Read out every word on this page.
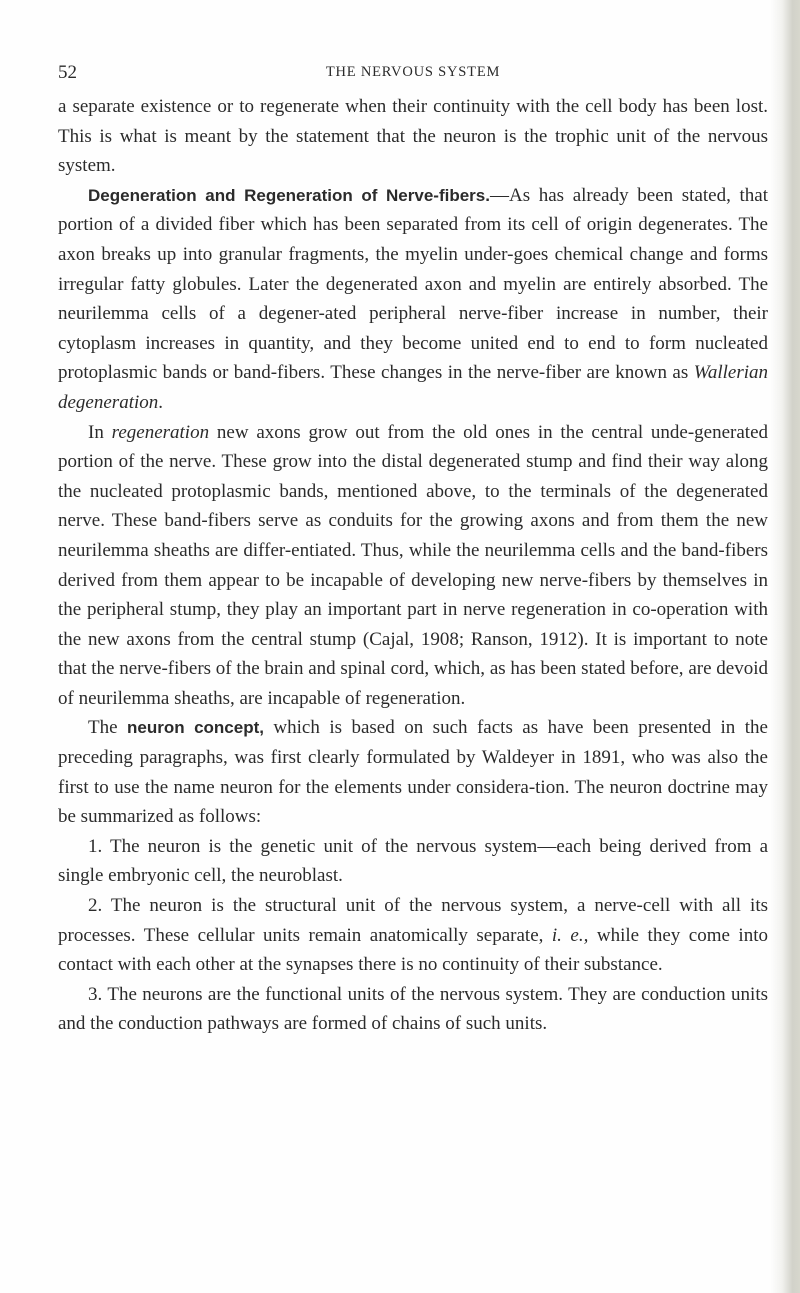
52	THE NERVOUS SYSTEM

a separate existence or to regenerate when their continuity with the cell body has been lost. This is what is meant by the statement that the neuron is the trophic unit of the nervous system.

Degeneration and Regeneration of Nerve-fibers.—As has already been stated, that portion of a divided fiber which has been separated from its cell of origin degenerates. The axon breaks up into granular fragments, the myelin under-goes chemical change and forms irregular fatty globules. Later the degenerated axon and myelin are entirely absorbed. The neurilemma cells of a degener-ated peripheral nerve-fiber increase in number, their cytoplasm increases in quantity, and they become united end to end to form nucleated protoplasmic bands or band-fibers. These changes in the nerve-fiber are known as Wallerian degeneration.

In regeneration new axons grow out from the old ones in the central unde-generated portion of the nerve. These grow into the distal degenerated stump and find their way along the nucleated protoplasmic bands, mentioned above, to the terminals of the degenerated nerve. These band-fibers serve as conduits for the growing axons and from them the new neurilemma sheaths are differ-entiated. Thus, while the neurilemma cells and the band-fibers derived from them appear to be incapable of developing new nerve-fibers by themselves in the peripheral stump, they play an important part in nerve regeneration in co-operation with the new axons from the central stump (Cajal, 1908; Ranson, 1912). It is important to note that the nerve-fibers of the brain and spinal cord, which, as has been stated before, are devoid of neurilemma sheaths, are incapable of regeneration.

The neuron concept, which is based on such facts as have been presented in the preceding paragraphs, was first clearly formulated by Waldeyer in 1891, who was also the first to use the name neuron for the elements under considera-tion. The neuron doctrine may be summarized as follows:

1. The neuron is the genetic unit of the nervous system—each being derived from a single embryonic cell, the neuroblast.

2. The neuron is the structural unit of the nervous system, a nerve-cell with all its processes. These cellular units remain anatomically separate, i. e., while they come into contact with each other at the synapses there is no continuity of their substance.

3. The neurons are the functional units of the nervous system. They are conduction units and the conduction pathways are formed of chains of such units.
